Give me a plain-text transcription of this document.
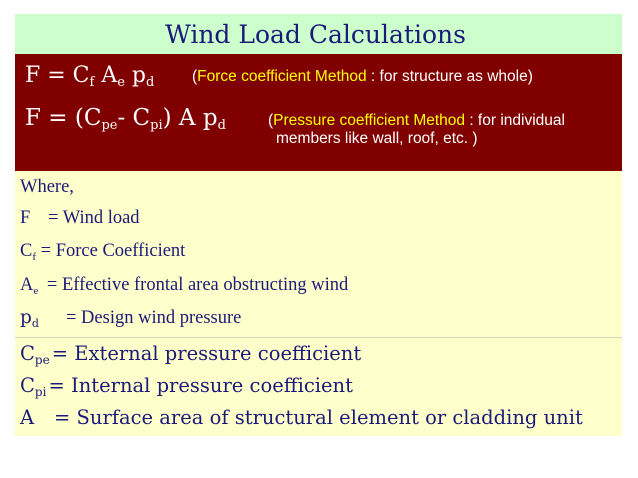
Wind Load Calculations
$F = C_f$ $A_e$ $p_d$ (Force coefficient Method : for structure as whole)
$F = (C_{pe}-$ $C_{pi}$) A $p_d$	(Pressure coefficient Method : for individual
members like wall, roof, etc. )
Where,
F = Wind load
$C_f$ = Force Coefficient
$A_e$ = Effective frontal area obstructing wind
$p_d$ = Design wind pressure
$C_{pe}$ = External pressure coefficient
$C_{pi}$ = Internal pressure coefficient
A = Surface area of structural element or cladding unit
